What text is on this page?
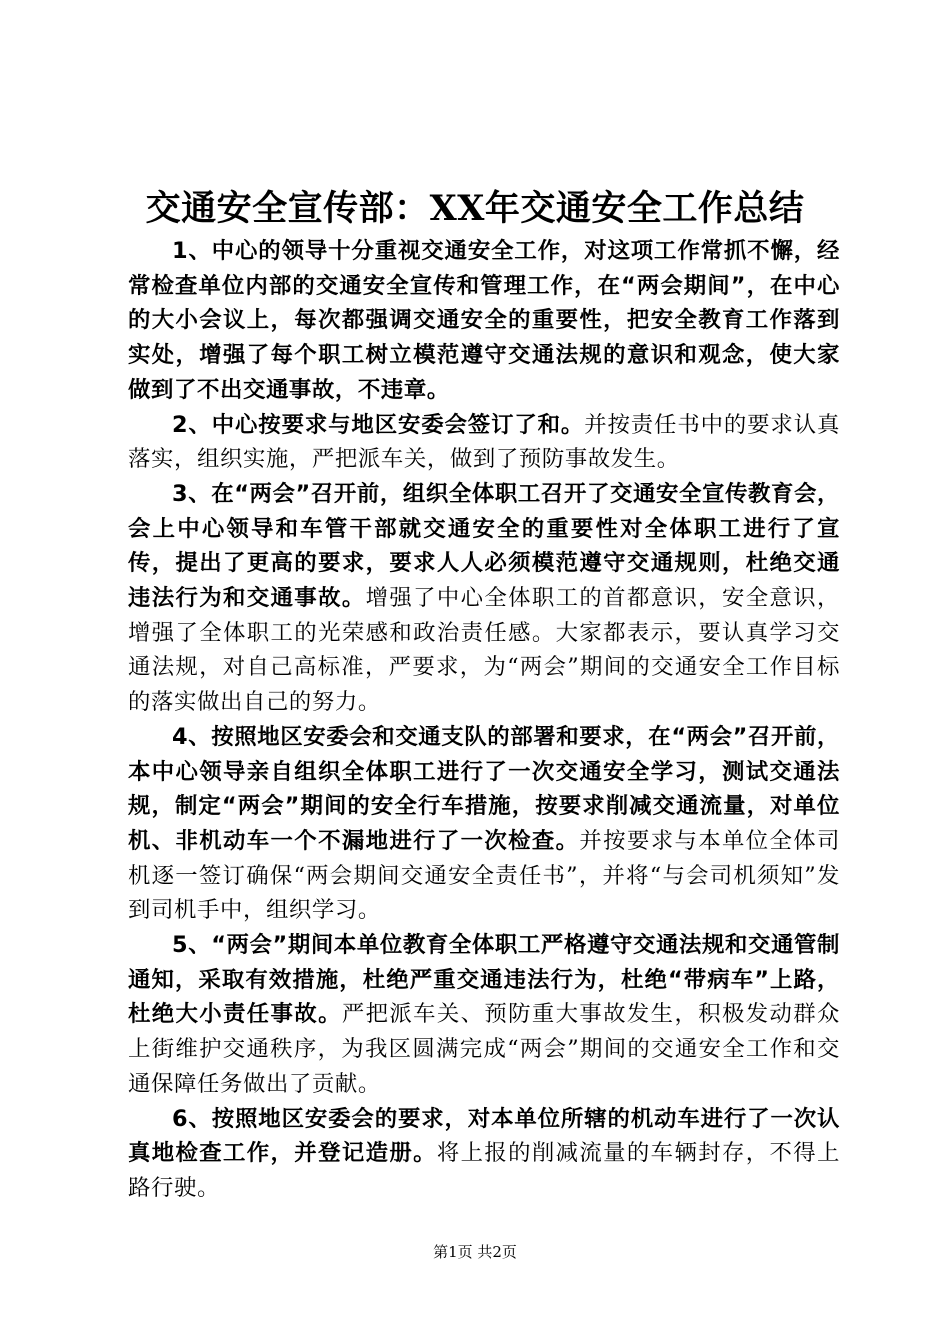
交通安全宣传部：XX年交通安全工作总结

1、中心的领导十分重视交通安全工作，对这项工作常抓不懈，经常检查单位内部的交通安全宣传和管理工作，在“两会期间”，在中心的大小会议上，每次都强调交通安全的重要性，把安全教育工作落到实处，增强了每个职工树立模范遵守交通法规的意识和观念，使大家做到了不出交通事故，不违章。

2、中心按要求与地区安委会签订了和。并按责任书中的要求认真落实，组织实施，严把派车关，做到了预防事故发生。

3、在“两会”召开前，组织全体职工召开了交通安全宣传教育会，会上中心领导和车管干部就交通安全的重要性对全体职工进行了宣传，提出了更高的要求，要求人人必须模范遵守交通规则，杜绝交通违法行为和交通事故。增强了中心全体职工的首都意识，安全意识，增强了全体职工的光荣感和政治责任感。大家都表示，要认真学习交通法规，对自己高标准，严要求，为“两会”期间的交通安全工作目标的落实做出自己的努力。

4、按照地区安委会和交通支队的部署和要求，在“两会”召开前，本中心领导亲自组织全体职工进行了一次交通安全学习，测试交通法规，制定“两会”期间的安全行车措施，按要求削减交通流量，对单位机、非机动车一个不漏地进行了一次检查。并按要求与本单位全体司机逐一签订确保“两会期间交通安全责任书”，并将“与会司机须知”发到司机手中，组织学习。

5、“两会”期间本单位教育全体职工严格遵守交通法规和交通管制通知，采取有效措施，杜绝严重交通违法行为，杜绝“带病车”上路，杜绝大小责任事故。严把派车关、预防重大事故发生，积极发动群众上街维护交通秩序，为我区圆满完成“两会”期间的交通安全工作和交通保障任务做出了贡献。

6、按照地区安委会的要求，对本单位所辖的机动车进行了一次认真地检查工作，并登记造册。将上报的削减流量的车辆封存，不得上路行驶。

第1页 共2页
